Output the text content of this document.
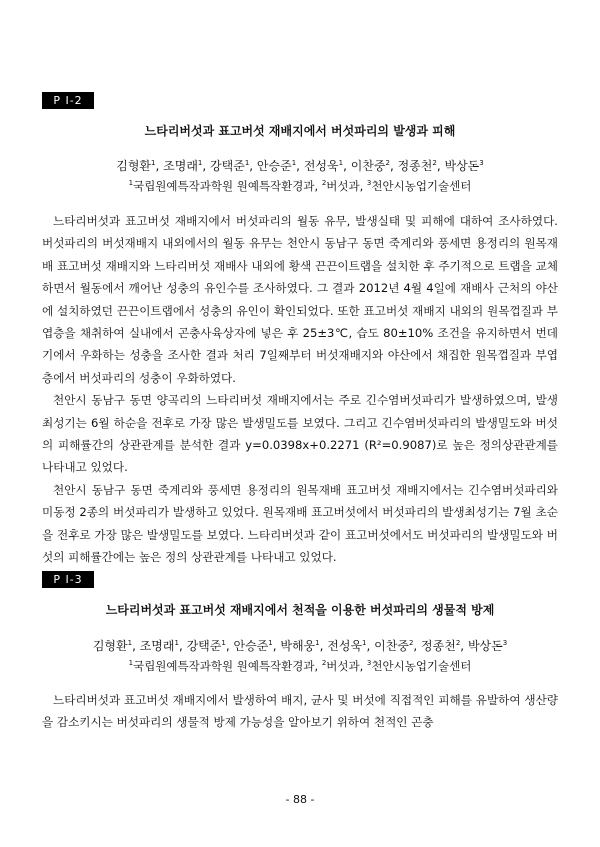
P I-2
느타리버섯과 표고버섯 재배지에서 버섯파리의 발생과 피해
김형환$^1$, 조명래$^1$, 강택준$^1$, 안승준$^1$, 전성욱$^1$, 이찬중$^2$, 정종천$^2$, 박상돈$^3$
$^1$국립원예특작과학원 원예특작환경과, $^2$버섯과, $^3$천안시농업기술센터

느타리버섯과 표고버섯 재배지에서 버섯파리의 월동 유무, 발생실태 및 피해에 대하여 조사하였다. 버섯파리의 버섯재배지 내외에서의 월동 유무는 천안시 동남구 동면 죽계리와 풍세면 용정리의 원목재배 표고버섯 재배지와 느타리버섯 재배사 내외에 황색 끈끈이트랩을 설치한 후 주기적으로 트랩을 교체하면서 월동에서 깨어난 성충의 유인수를 조사하였다. 그 결과 2012년 4월 4일에 재배사 근처의 야산에 설치하였던 끈끈이트랩에서 성충의 유인이 확인되었다. 또한 표고버섯 재배지 내외의 원목껍질과 부엽층을 채취하여 실내에서 곤충사육상자에 넣은 후 25±3℃, 습도 80±10% 조건을 유지하면서 번데기에서 우화하는 성충을 조사한 결과 처리 7일째부터 버섯재배지와 야산에서 채집한 원목껍질과 부엽층에서 버섯파리의 성충이 우화하였다.

천안시 동남구 동면 양곡리의 느타리버섯 재배지에서는 주로 긴수염버섯파리가 발생하였으며, 발생최성기는 6월 하순을 전후로 가장 많은 발생밀도를 보였다. 그리고 긴수염버섯파리의 발생밀도와 버섯의 피해률간의 상관관계를 분석한 결과 y=0.0398x+0.2271 (R²=0.9087)로 높은 정의상관관계를 나타내고 있었다.

천안시 동남구 동면 죽계리와 풍세면 용정리의 원목재배 표고버섯 재배지에서는 긴수염버섯파리와 미동정 2종의 버섯파리가 발생하고 있었다. 원목재배 표고버섯에서 버섯파리의 발생최성기는 7월 초순을 전후로 가장 많은 발생밀도를 보였다. 느타리버섯과 같이 표고버섯에서도 버섯파리의 발생밀도와 버섯의 피해률간에는 높은 정의 상관관계를 나타내고 있었다.

P I-3
느타리버섯과 표고버섯 재배지에서 천적을 이용한 버섯파리의 생물적 방제
김형환$^1$, 조명래$^1$, 강택준$^1$, 안승준$^1$, 박해웅$^1$, 전성욱$^1$, 이찬중$^2$, 정종천$^2$, 박상돈$^3$
$^1$국립원예특작과학원 원예특작환경과, $^2$버섯과, $^3$천안시농업기술센터

느타리버섯과 표고버섯 재배지에서 발생하여 배지, 균사 및 버섯에 직접적인 피해를 유발하여 생산량을 감소키시는 버섯파리의 생물적 방제 가능성을 알아보기 위하여 천적인 곤충

- 88 -
